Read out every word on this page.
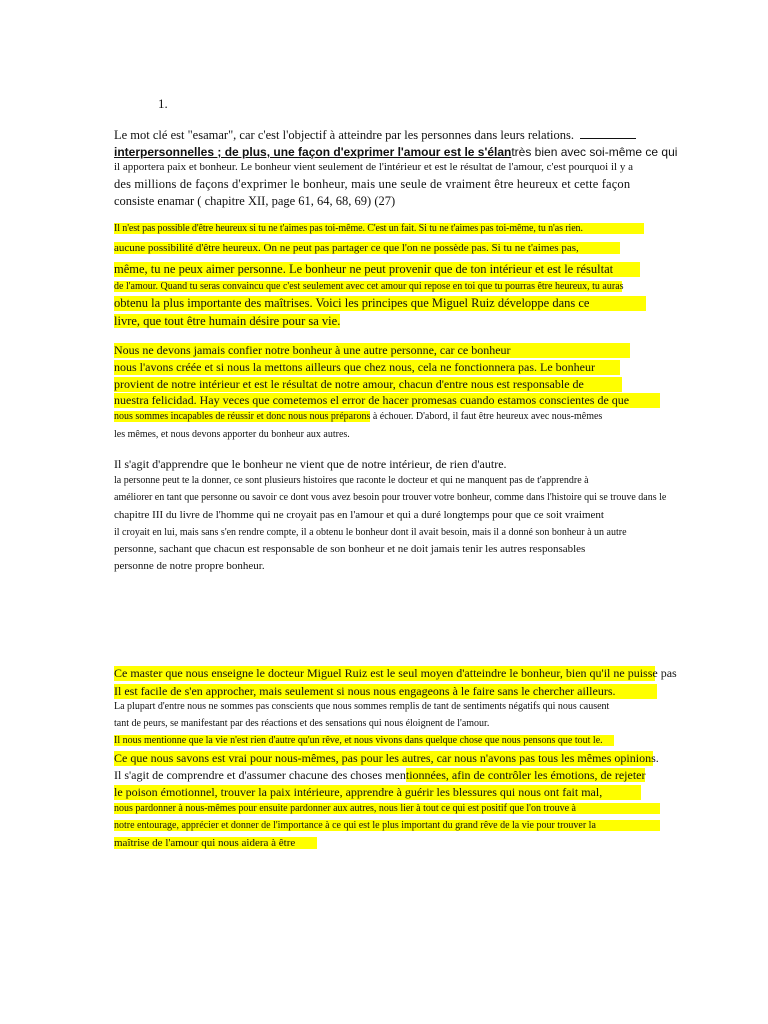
1.

Le mot clé est "esamar", car c'est l'objectif à atteindre par les personnes dans leurs relations.

interpersonnelles ; de plus, une façon d'exprimer l'amour est le s'élantrès bien avec soi-même ce qui

il apportera paix et bonheur. Le bonheur vient seulement de l'intérieur et est le résultat de l'amour, c'est pourquoi il y a

des millions de façons d'exprimer le bonheur, mais une seule de vraiment être heureux et cette façon

consiste enamar ( chapitre XII, page 61, 64, 68, 69) (27)

Il n'est pas possible d'être heureux si tu ne t'aimes pas toi-même. C'est un fait. Si tu ne t'aimes pas toi-même, tu n'as rien.

aucune possibilité d'être heureux. On ne peut pas partager ce que l'on ne possède pas. Si tu ne t'aimes pas,

même, tu ne peux aimer personne. Le bonheur ne peut provenir que de ton intérieur et est le résultat

de l'amour. Quand tu seras convaincu que c'est seulement avec cet amour qui repose en toi que tu pourras être heureux, tu auras

obtenu la plus importante des maîtrises. Voici les principes que Miguel Ruiz développe dans ce

livre, que tout être humain désire pour sa vie.

Nous ne devons jamais confier notre bonheur à une autre personne, car ce bonheur

nous l'avons créée et si nous la mettons ailleurs que chez nous, cela ne fonctionnera pas. Le bonheur

provient de notre intérieur et est le résultat de notre amour, chacun d'entre nous est responsable de

nuestra felicidad. Hay veces que cometemos el error de hacer promesas cuando estamos conscientes de que

nous sommes incapables de réussir et donc nous nous préparons à échouer. D'abord, il faut être heureux avec nous-mêmes

les mêmes, et nous devons apporter du bonheur aux autres.

Il s'agit d'apprendre que le bonheur ne vient que de notre intérieur, de rien d'autre.

la personne peut te la donner, ce sont plusieurs histoires que raconte le docteur et qui ne manquent pas de t'apprendre à

améliorer en tant que personne ou savoir ce dont vous avez besoin pour trouver votre bonheur, comme dans l'histoire qui se trouve dans le

chapitre III du livre de l'homme qui ne croyait pas en l'amour et qui a duré longtemps pour que ce soit vraiment

il croyait en lui, mais sans s'en rendre compte, il a obtenu le bonheur dont il avait besoin, mais il a donné son bonheur à un autre

personne, sachant que chacun est responsable de son bonheur et ne doit jamais tenir les autres responsables

personne de notre propre bonheur.

Ce master que nous enseigne le docteur Miguel Ruiz est le seul moyen d'atteindre le bonheur, bien qu'il ne puisse pas

Il est facile de s'en approcher, mais seulement si nous nous engageons à le faire sans le chercher ailleurs.

La plupart d'entre nous ne sommes pas conscients que nous sommes remplis de tant de sentiments négatifs qui nous causent

tant de peurs, se manifestant par des réactions et des sensations qui nous éloignent de l'amour.

Il nous mentionne que la vie n'est rien d'autre qu'un rêve, et nous vivons dans quelque chose que nous pensons que tout le.

Ce que nous savons est vrai pour nous-mêmes, pas pour les autres, car nous n'avons pas tous les mêmes opinions.

Il s'agit de comprendre et d'assumer chacune des choses mentionnées, afin de contrôler les émotions, de rejeter

le poison émotionnel, trouver la paix intérieure, apprendre à guérir les blessures qui nous ont fait mal,

nous pardonner à nous-mêmes pour ensuite pardonner aux autres, nous lier à tout ce qui est positif que l'on trouve à

notre entourage, apprécier et donner de l'importance à ce qui est le plus important du grand rêve de la vie pour trouver la

maîtrise de l'amour qui nous aidera à être
